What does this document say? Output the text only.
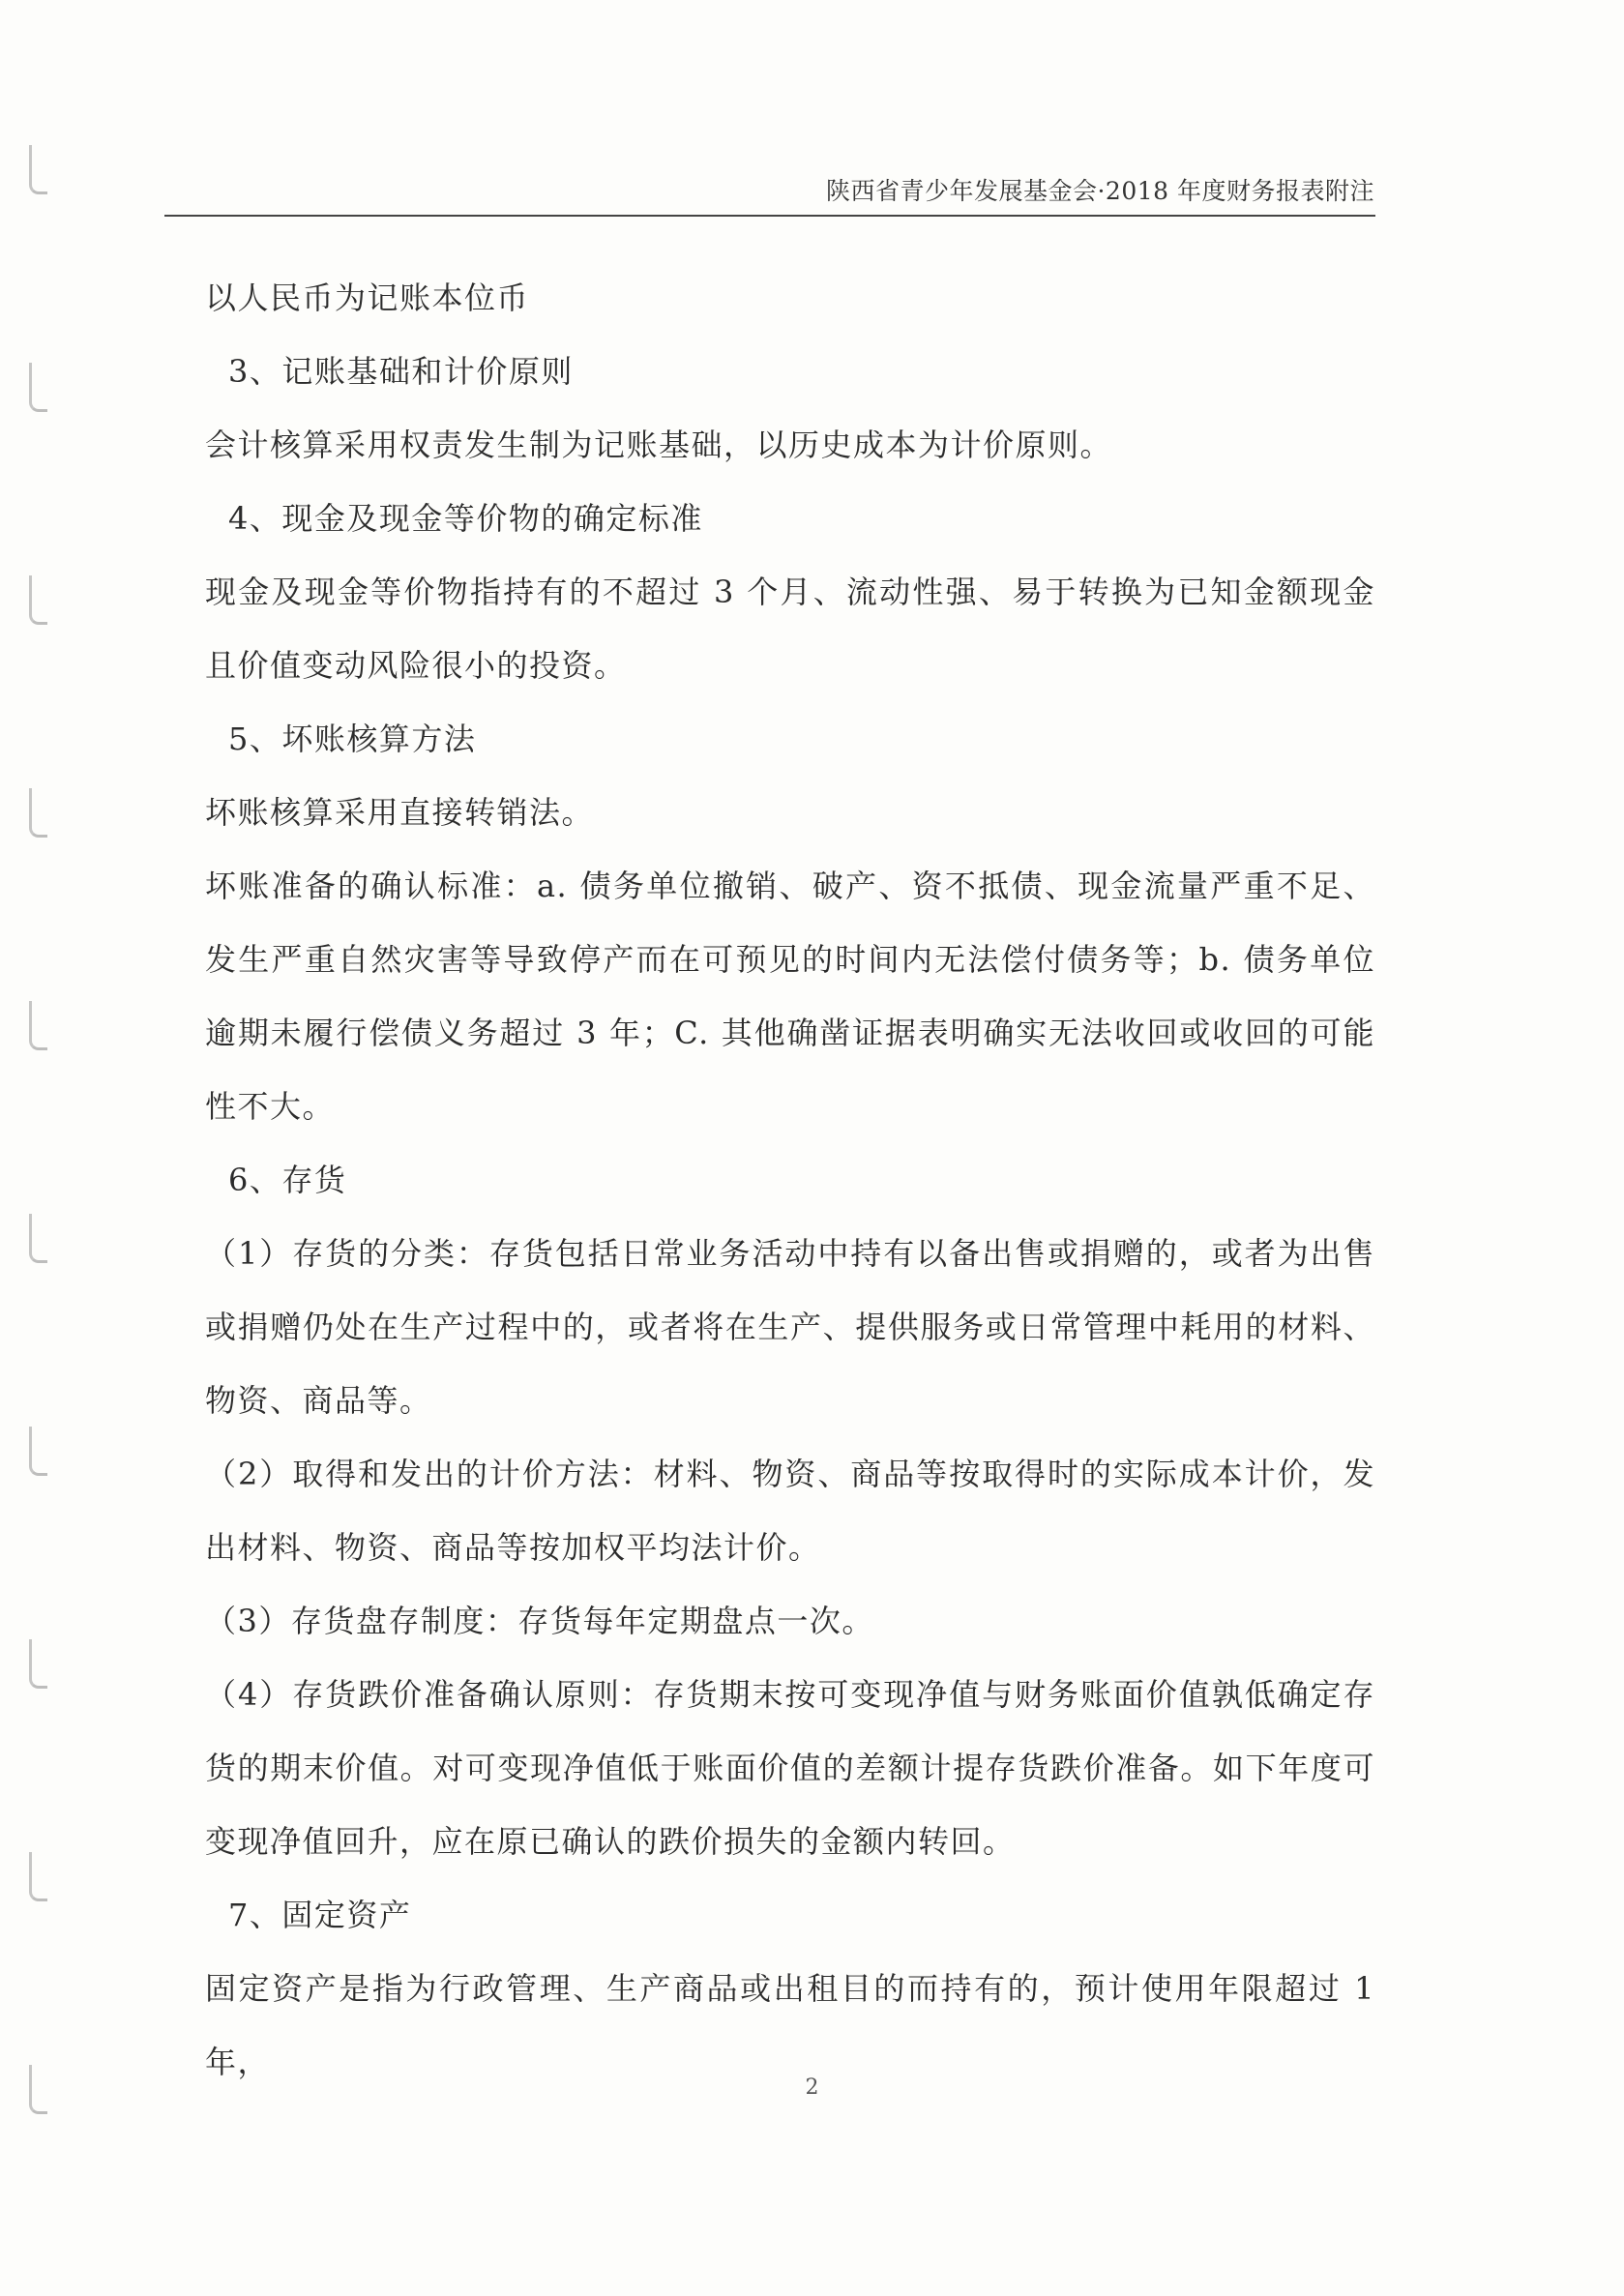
陕西省青少年发展基金会·2018 年度财务报表附注

以人民币为记账本位币

3、记账基础和计价原则

会计核算采用权责发生制为记账基础，以历史成本为计价原则。

4、现金及现金等价物的确定标准

现金及现金等价物指持有的不超过 3 个月、流动性强、易于转换为已知金额现金且价值变动风险很小的投资。

5、坏账核算方法

坏账核算采用直接转销法。

坏账准备的确认标准：a. 债务单位撤销、破产、资不抵债、现金流量严重不足、发生严重自然灾害等导致停产而在可预见的时间内无法偿付债务等；b. 债务单位逾期未履行偿债义务超过 3 年；C. 其他确凿证据表明确实无法收回或收回的可能性不大。

6、存货

（1）存货的分类：存货包括日常业务活动中持有以备出售或捐赠的，或者为出售或捐赠仍处在生产过程中的，或者将在生产、提供服务或日常管理中耗用的材料、物资、商品等。

（2）取得和发出的计价方法：材料、物资、商品等按取得时的实际成本计价，发出材料、物资、商品等按加权平均法计价。

（3）存货盘存制度：存货每年定期盘点一次。

（4）存货跌价准备确认原则：存货期末按可变现净值与财务账面价值孰低确定存货的期末价值。对可变现净值低于账面价值的差额计提存货跌价准备。如下年度可变现净值回升，应在原已确认的跌价损失的金额内转回。

7、固定资产

固定资产是指为行政管理、生产商品或出租目的而持有的，预计使用年限超过 1 年，

2
